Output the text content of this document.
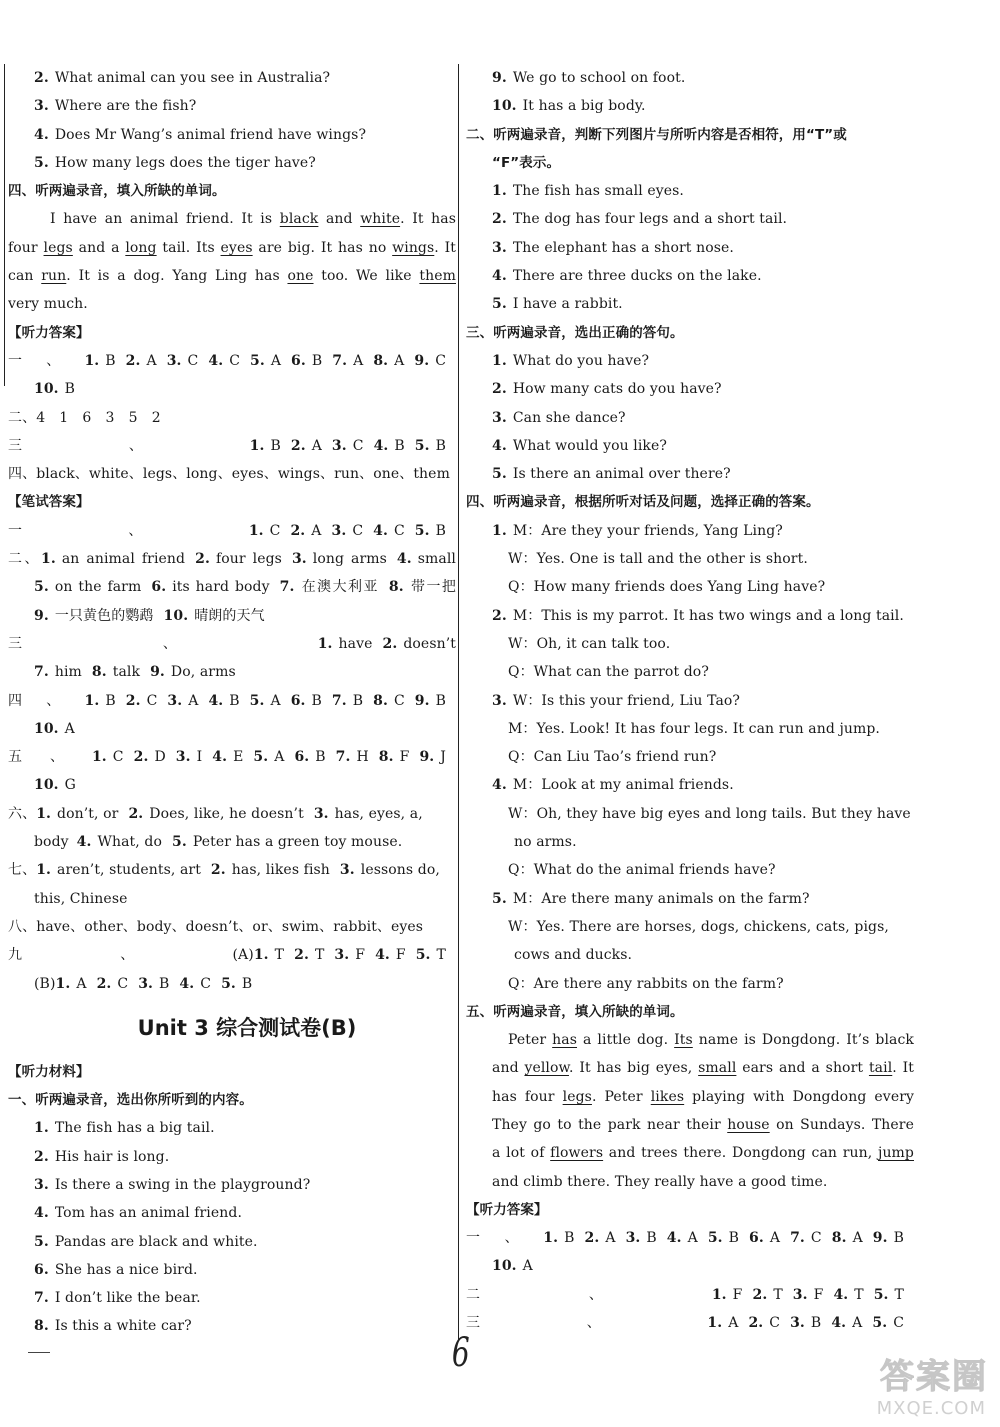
2. What animal can you see in Australia?
3. Where are the fish?
4. Does Mr Wang’s animal friend have wings?
5. How many legs does the tiger have?
四、听两遍录音，填入所缺的单词。
I have an animal friend. It is black and white. It has
four legs and a long tail. Its eyes are big. It has no wings. It
can run. It is a dog. Yang Ling has one too. We like them
very much.
【听力答案】
一、1. B 2. A 3. C 4. C 5. A 6. B 7. A 8. A 9. C
10. B
二、4　1　6　3　5　2
三、1. B 2. A 3. C 4. B 5. B
四、black、white、legs、long、eyes、wings、run、one、them
【笔试答案】
一、1. C 2. A 3. C 4. C 5. B
二、1. an animal friend 2. four legs 3. long arms 4. small
5. on the farm 6. its hard body 7. 在澳大利亚 8. 带一把
9. 一只黄色的鹦鹉 10. 晴朗的天气
三、1. have 2. doesn’t
7. him 8. talk 9. Do, arms
四、1. B 2. C 3. A 4. B 5. A 6. B 7. B 8. C 9. B
10. A
五、1. C 2. D 3. I 4. E 5. A 6. B 7. H 8. F 9. J
10. G
六、1. don’t, or 2. Does, like, he doesn’t 3. has, eyes, a,
body 4. What, do 5. Peter has a green toy mouse.
七、1. aren’t, students, art 2. has, likes fish 3. lessons do,
this, Chinese
八、have、other、body、doesn’t、or、swim、rabbit、eyes
九、(A)1. T 2. T 3. F 4. F 5. T
(B)1. A 2. C 3. B 4. C 5. B
Unit 3 综合测试卷(B)
【听力材料】
一、听两遍录音，选出你所听到的内容。
1. The fish has a big tail.
2. His hair is long.
3. Is there a swing in the playground?
4. Tom has an animal friend.
5. Pandas are black and white.
6. She has a nice bird.
7. I don’t like the bear.
8. Is this a white car?
9. We go to school on foot.
10. It has a big body.
二、听两遍录音，判断下列图片与所听内容是否相符，用“T”或
“F”表示。
1. The fish has small eyes.
2. The dog has four legs and a short tail.
3. The elephant has a short nose.
4. There are three ducks on the lake.
5. I have a rabbit.
三、听两遍录音，选出正确的答句。
1. What do you have?
2. How many cats do you have?
3. Can she dance?
4. What would you like?
5. Is there an animal over there?
四、听两遍录音，根据所听对话及问题，选择正确的答案。
1. M：Are they your friends, Yang Ling?
W：Yes. One is tall and the other is short.
Q：How many friends does Yang Ling have?
2. M：This is my parrot. It has two wings and a long tail.
W：Oh, it can talk too.
Q：What can the parrot do?
3. W：Is this your friend, Liu Tao?
M：Yes. Look! It has four legs. It can run and jump.
Q：Can Liu Tao’s friend run?
4. M：Look at my animal friends.
W：Oh, they have big eyes and long tails. But they have
no arms.
Q：What do the animal friends have?
5. M：Are there many animals on the farm?
W：Yes. There are horses, dogs, chickens, cats, pigs,
cows and ducks.
Q：Are there any rabbits on the farm?
五、听两遍录音，填入所缺的单词。
Peter has a little dog. Its name is Dongdong. It’s black
and yellow. It has big eyes, small ears and a short tail. It
has four legs. Peter likes playing with Dongdong every
They go to the park near their house on Sundays. There
a lot of flowers and trees there. Dongdong can run, jump
and climb there. They really have a good time.
【听力答案】
一、1. B 2. A 3. B 4. A 5. B 6. A 7. C 8. A 9. B
10. A
二、1. F 2. T 3. F 4. T 5. T
三、1. A 2. C 3. B 4. A 5. C
6
答案圈
MXQE.COM
